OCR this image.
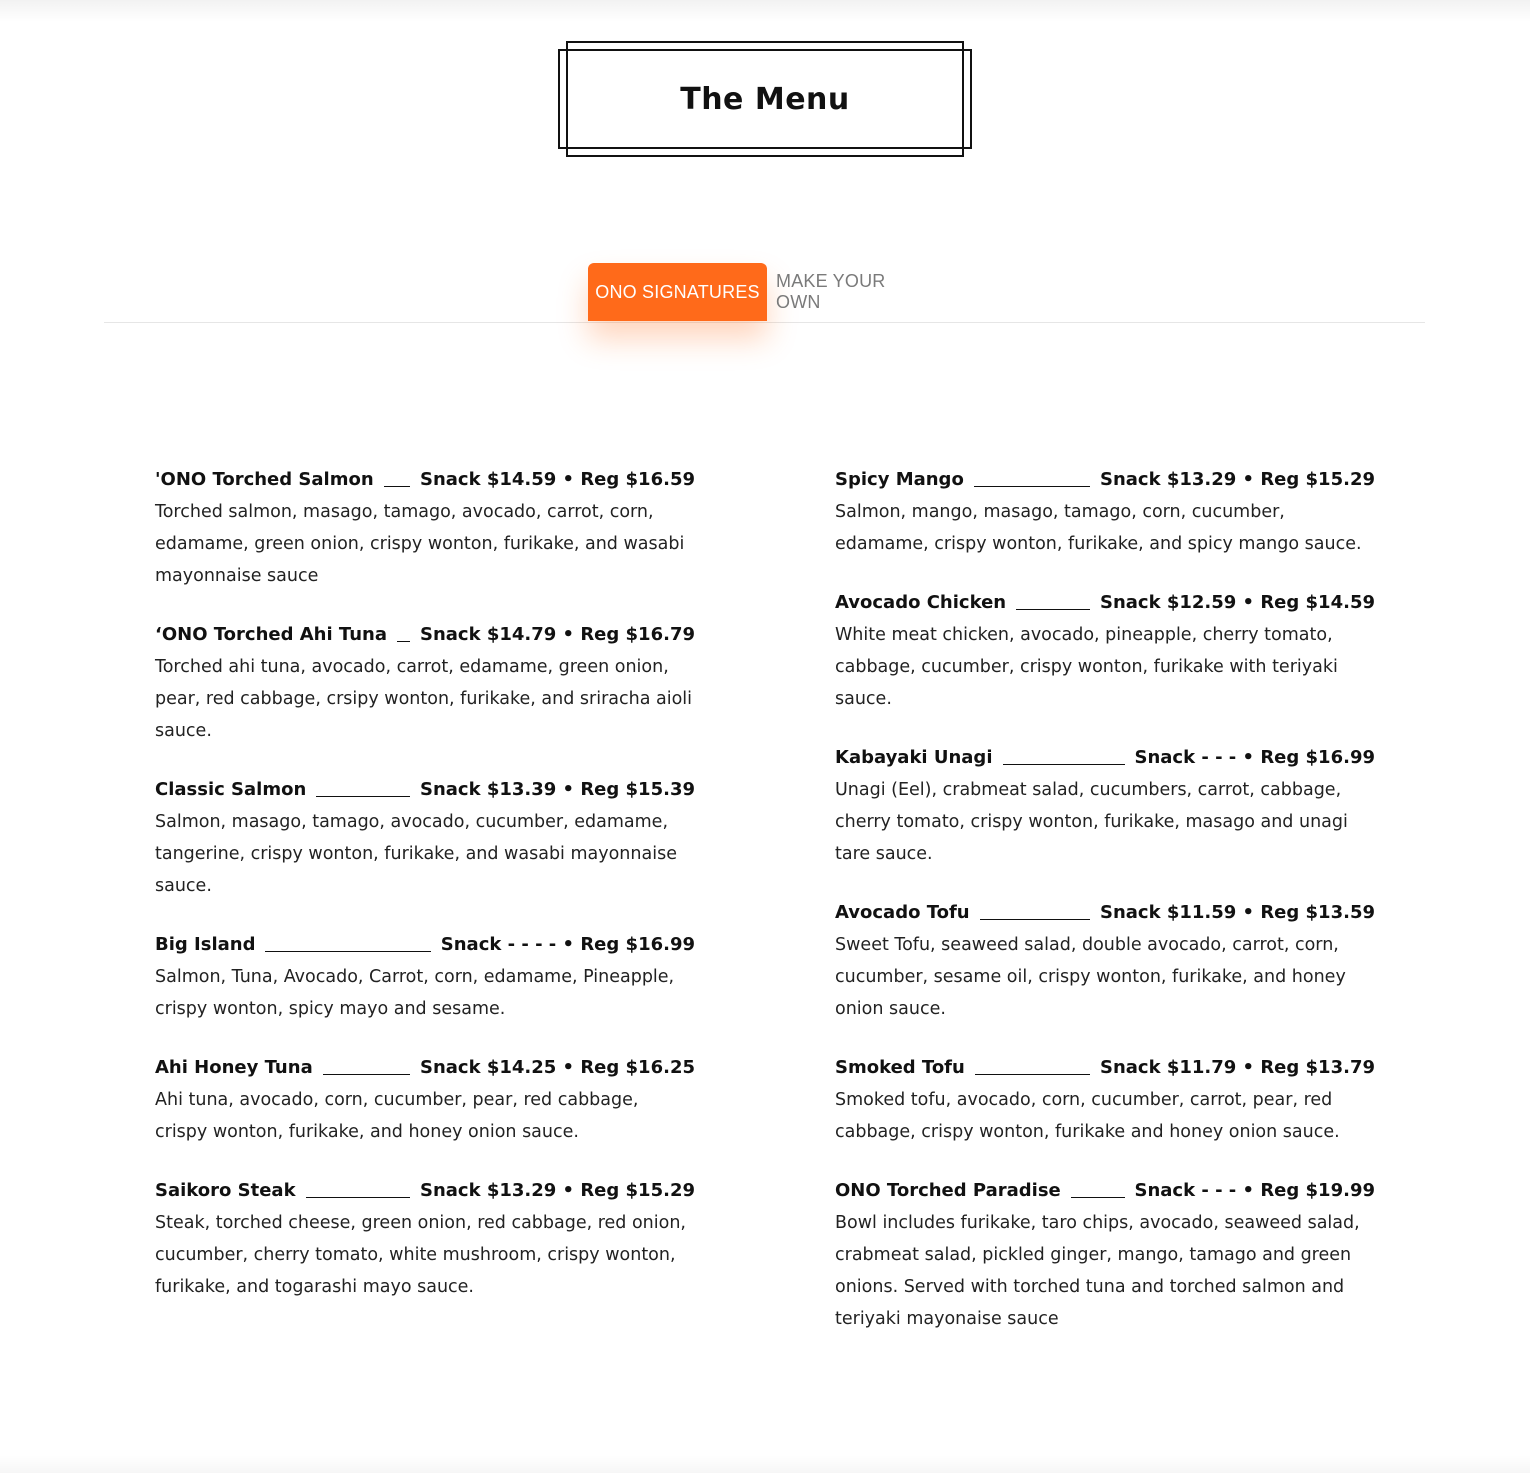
The Menu
ONO SIGNATURES
MAKE YOUR OWN
'ONO Torched Salmon	Snack $14.59 • Reg $16.59
Torched salmon, masago, tamago, avocado, carrot, corn, edamame, green onion, crispy wonton, furikake, and wasabi mayonnaise sauce
‘ONO Torched Ahi Tuna Snack $14.79 • Reg $16.79
Torched ahi tuna, avocado, carrot, edamame, green onion, pear, red cabbage, crsipy wonton, furikake, and sriracha aioli sauce.
Classic Salmon	Snack $13.39 • Reg $15.39
Salmon, masago, tamago, avocado, cucumber, edamame, tangerine, crispy wonton, furikake, and wasabi mayonnaise sauce.
Big Island	Snack - - - - • Reg $16.99
Salmon, Tuna, Avocado, Carrot, corn, edamame, Pineapple, crispy wonton, spicy mayo and sesame.
Ahi Honey Tuna	Snack $14.25 • Reg $16.25
Ahi tuna, avocado, corn, cucumber, pear, red cabbage, crispy wonton, furikake, and honey onion sauce.
Saikoro Steak	Snack $13.29 • Reg $15.29
Steak, torched cheese, green onion, red cabbage, red onion, cucumber, cherry tomato, white mushroom, crispy wonton, furikake, and togarashi mayo sauce.
Spicy Mango	Snack $13.29 • Reg $15.29
Salmon, mango, masago, tamago, corn, cucumber, edamame, crispy wonton, furikake, and spicy mango sauce.
Avocado Chicken	Snack $12.59 • Reg $14.59
White meat chicken, avocado, pineapple, cherry tomato, cabbage, cucumber, crispy wonton, furikake with teriyaki sauce.
Kabayaki Unagi	Snack - - - • Reg $16.99
Unagi (Eel), crabmeat salad, cucumbers, carrot, cabbage, cherry tomato, crispy wonton, furikake, masago and unagi tare sauce.
Avocado Tofu	Snack $11.59 • Reg $13.59
Sweet Tofu, seaweed salad, double avocado, carrot, corn, cucumber, sesame oil, crispy wonton, furikake, and honey onion sauce.
Smoked Tofu	Snack $11.79 • Reg $13.79
Smoked tofu, avocado, corn, cucumber, carrot, pear, red cabbage, crispy wonton, furikake and honey onion sauce.
ONO Torched Paradise	Snack - - - • Reg $19.99
Bowl includes furikake, taro chips, avocado, seaweed salad, crabmeat salad, pickled ginger, mango, tamago and green onions. Served with torched tuna and torched salmon and teriyaki mayonaise sauce
